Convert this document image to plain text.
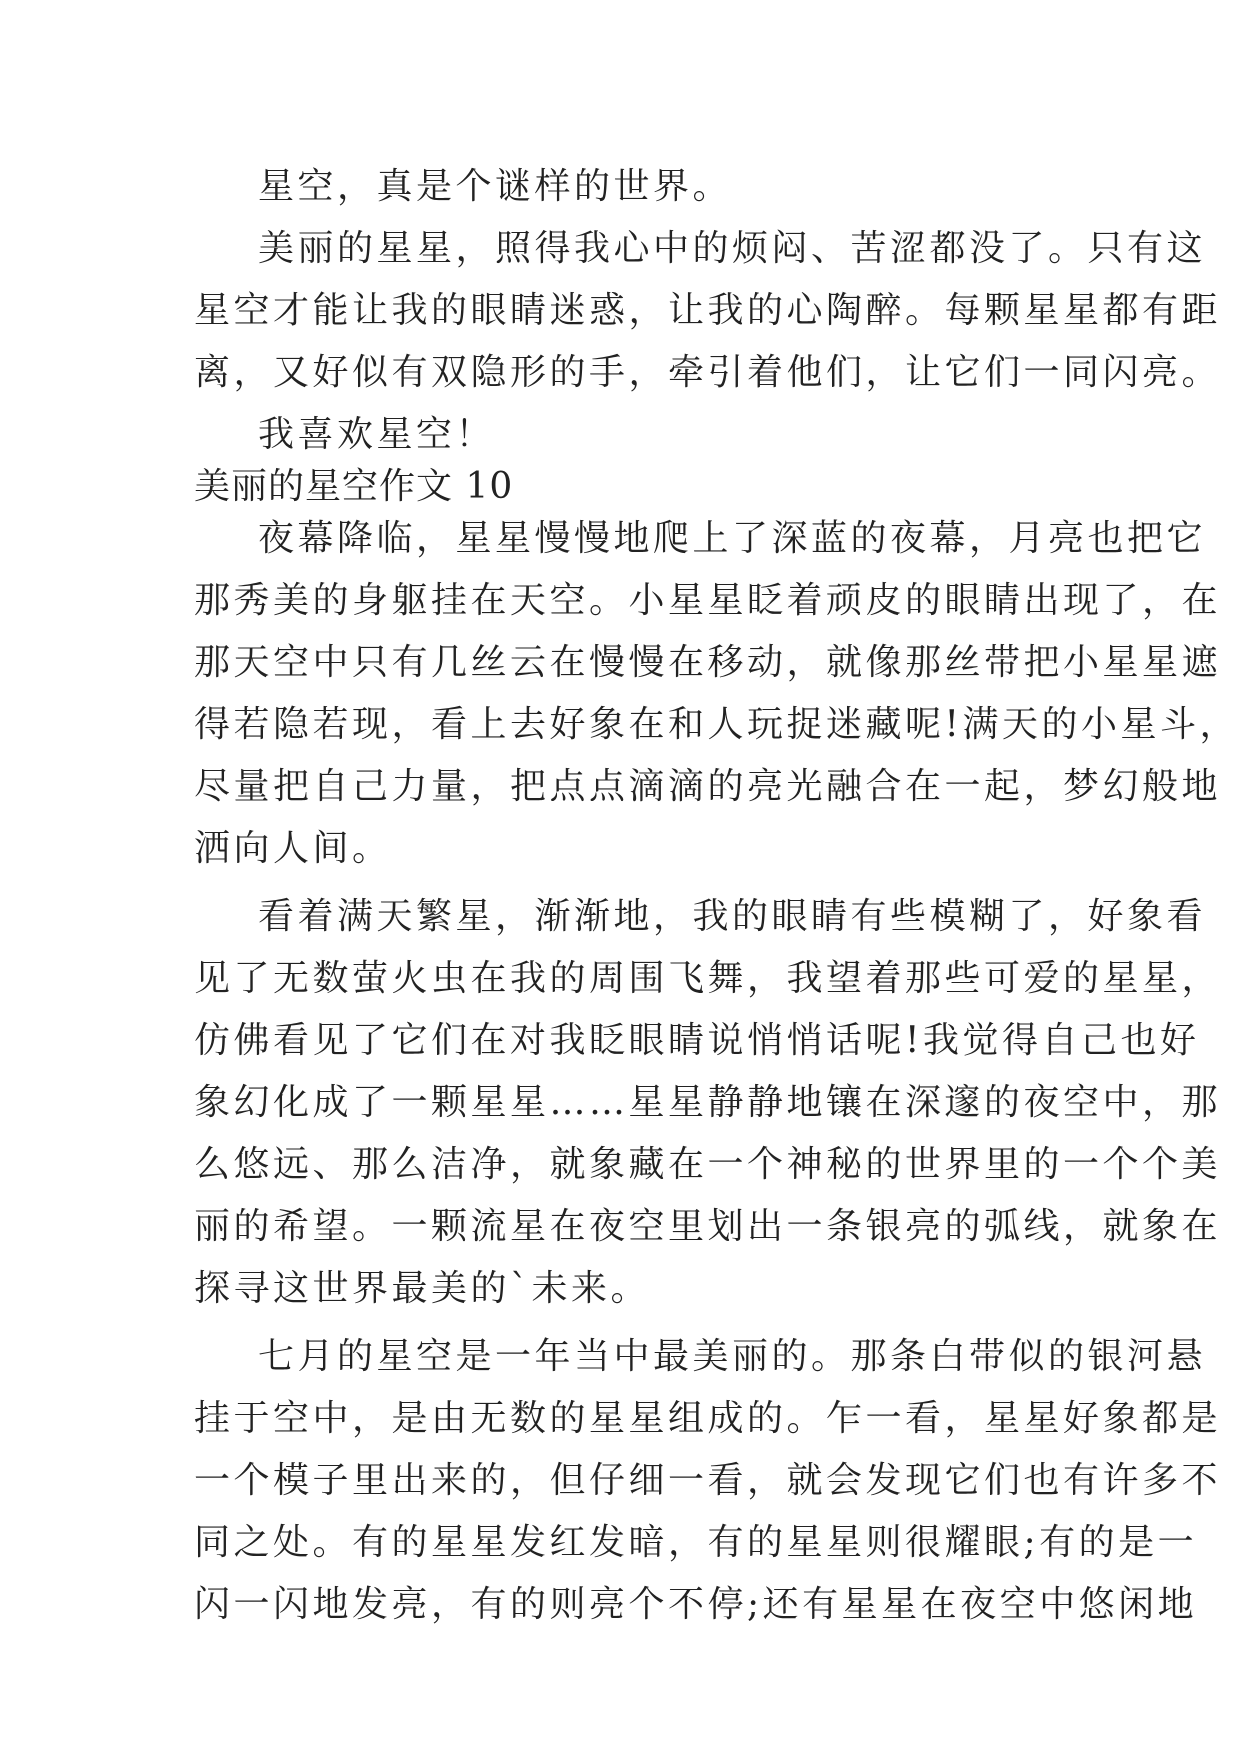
星空，真是个谜样的世界。
美丽的星星，照得我心中的烦闷、苦涩都没了。只有这
星空才能让我的眼睛迷惑，让我的心陶醉。每颗星星都有距
离，又好似有双隐形的手，牵引着他们，让它们一同闪亮。
我喜欢星空！
美丽的星空作文 10
夜幕降临，星星慢慢地爬上了深蓝的夜幕，月亮也把它
那秀美的身躯挂在天空。小星星眨着顽皮的眼睛出现了，在
那天空中只有几丝云在慢慢在移动，就像那丝带把小星星遮
得若隐若现，看上去好象在和人玩捉迷藏呢!满天的小星斗，
尽量把自己力量，把点点滴滴的亮光融合在一起，梦幻般地
洒向人间。
看着满天繁星，渐渐地，我的眼睛有些模糊了，好象看
见了无数萤火虫在我的周围飞舞，我望着那些可爱的星星，
仿佛看见了它们在对我眨眼睛说悄悄话呢!我觉得自己也好
象幻化成了一颗星星……星星静静地镶在深邃的夜空中，那
么悠远、那么洁净，就象藏在一个神秘的世界里的一个个美
丽的希望。一颗流星在夜空里划出一条银亮的弧线，就象在
探寻这世界最美的`未来。
七月的星空是一年当中最美丽的。那条白带似的银河悬
挂于空中，是由无数的星星组成的。乍一看，星星好象都是
一个模子里出来的，但仔细一看，就会发现它们也有许多不
同之处。有的星星发红发暗，有的星星则很耀眼;有的是一
闪一闪地发亮，有的则亮个不停;还有星星在夜空中悠闲地
